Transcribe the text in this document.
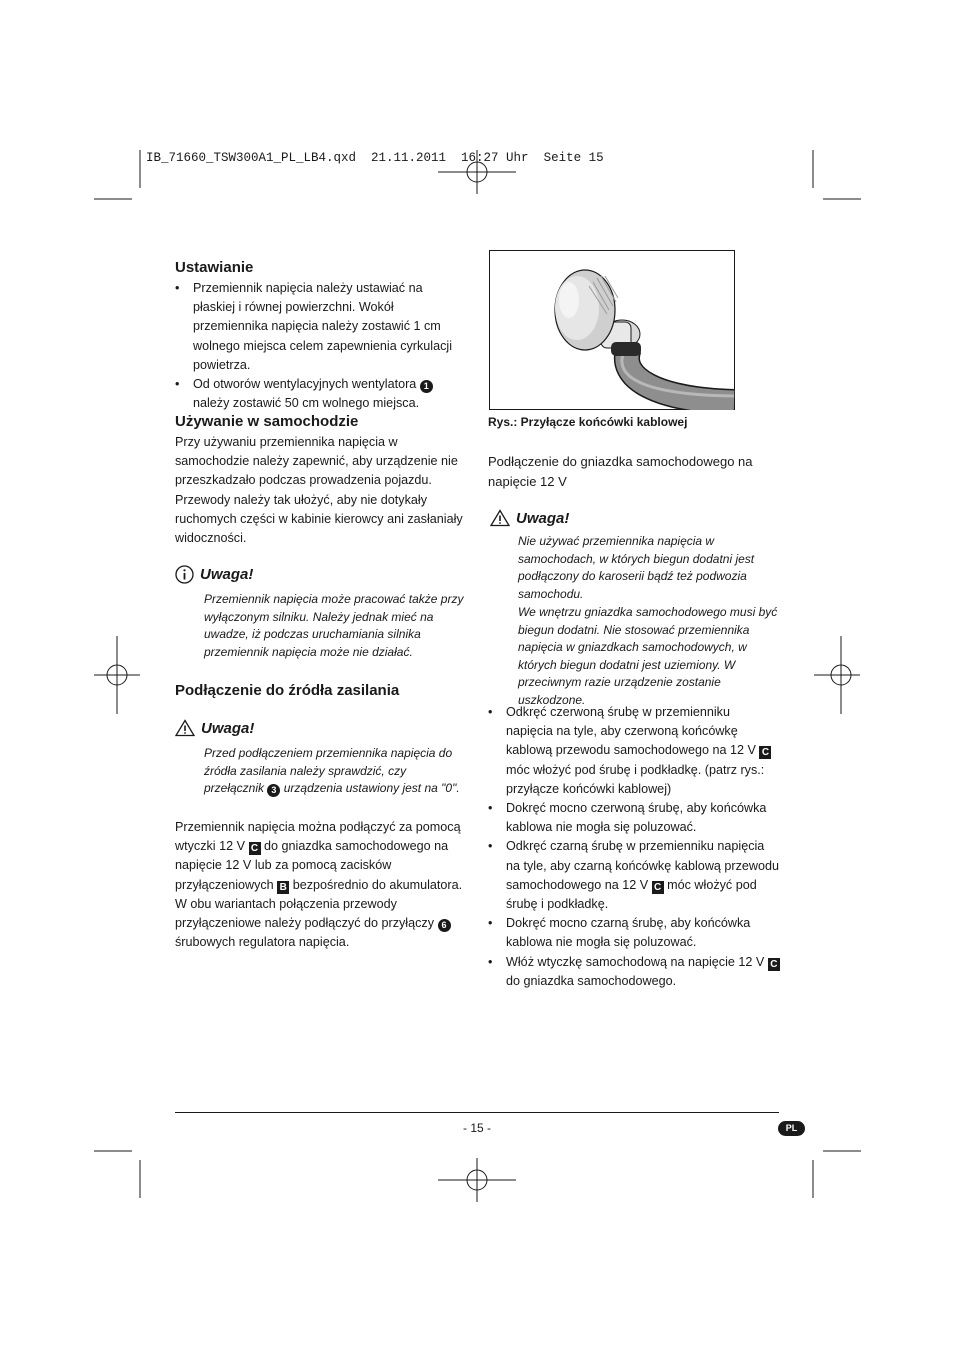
IB_71660_TSW300A1_PL_LB4.qxd  21.11.2011  16:27 Uhr  Seite 15
Ustawianie
• Przemiennik napięcia należy ustawiać na płaskiej i równej powierzchni. Wokół przemiennika napięcia należy zostawić 1 cm wolnego miejsca celem zapewnienia cyrkulacji powietrza.
• Od otworów wentylacyjnych wentylatora 1 należy zostawić 50 cm wolnego miejsca.
Używanie w samochodzie
Przy używaniu przemiennika napięcia w samochodzie należy zapewnić, aby urządzenie nie przeszkadzało podczas prowadzenia pojazdu.
Przewody należy tak ułożyć, aby nie dotykały ruchomych części w kabinie kierowcy ani zasłaniały widoczności.
Uwaga!
Przemiennik napięcia może pracować także przy wyłączonym silniku. Należy jednak mieć na uwadze, iż podczas uruchamiania silnika przemiennik napięcia może nie działać.
Podłączenie do źródła zasilania
Uwaga!
Przed podłączeniem przemiennika napięcia do źródła zasilania należy sprawdzić, czy przełącznik 3 urządzenia ustawiony jest na "0".
Przemiennik napięcia można podłączyć za pomocą wtyczki 12 V C do gniazdka samochodowego na napięcie 12 V lub za pomocą zacisków przyłączeniowych B bezpośrednio do akumulatora.
W obu wariantach połączenia przewody przyłączeniowe należy podłączyć do przyłączy 6 śrubowych regulatora napięcia.
Rys.: Przyłącze końcówki kablowej
Podłączenie do gniazdka samochodowego na napięcie 12 V
Uwaga!
Nie używać przemiennika napięcia w samochodach, w których biegun dodatni jest podłączony do karoserii bądź też podwozia samochodu.
We wnętrzu gniazdka samochodowego musi być biegun dodatni. Nie stosować przemiennika napięcia w gniazdkach samochodowych, w których biegun dodatni jest uziemiony. W przeciwnym razie urządzenie zostanie uszkodzone.
• Odkręć czerwoną śrubę w przemienniku napięcia na tyle, aby czerwoną końcówkę kablową przewodu samochodowego na 12 V C móc włożyć pod śrubę i podkładkę. (patrz rys.: przyłącze końcówki kablowej)
• Dokręć mocno czerwoną śrubę, aby końcówka kablowa nie mogła się poluzować.
• Odkręć czarną śrubę w przemienniku napięcia na tyle, aby czarną końcówkę kablową przewodu samochodowego na 12 V C móc włożyć pod śrubę i podkładkę.
• Dokręć mocno czarną śrubę, aby końcówka kablowa nie mogła się poluzować.
• Włóż wtyczkę samochodową na napięcie 12 V C do gniazdka samochodowego.
- 15 -	PL
